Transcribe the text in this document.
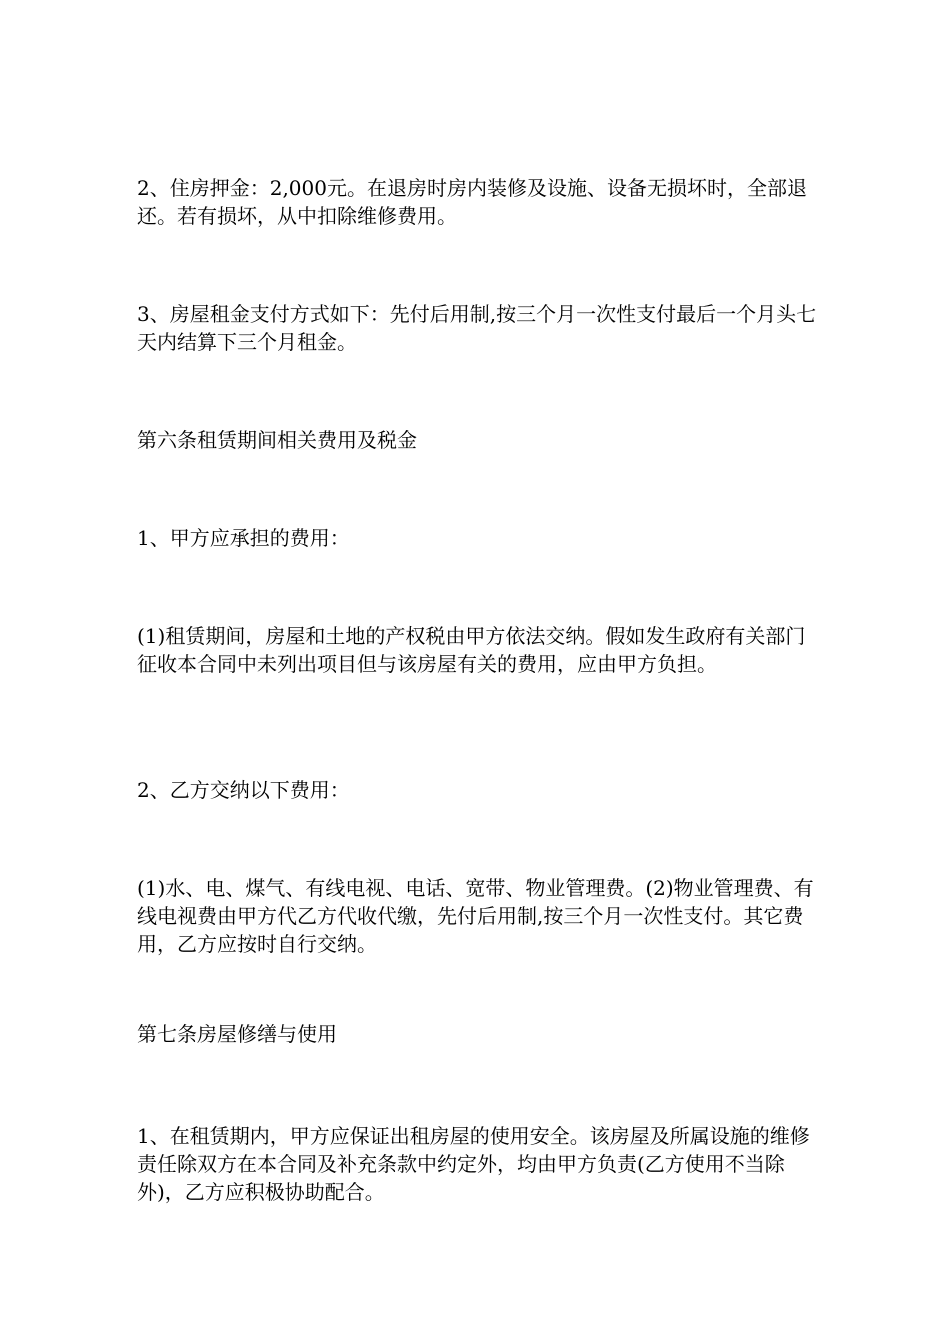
2、住房押金：2,000元。在退房时房内装修及设施、设备无损坏时，全部退还。若有损坏，从中扣除维修费用。

3、房屋租金支付方式如下：先付后用制,按三个月一次性支付最后一个月头七天内结算下三个月租金。

第六条租赁期间相关费用及税金

1、甲方应承担的费用：

(1)租赁期间，房屋和土地的产权税由甲方依法交纳。假如发生政府有关部门征收本合同中未列出项目但与该房屋有关的费用，应由甲方负担。

2、乙方交纳以下费用：

(1)水、电、煤气、有线电视、电话、宽带、物业管理费。(2)物业管理费、有线电视费由甲方代乙方代收代缴，先付后用制,按三个月一次性支付。其它费用，乙方应按时自行交纳。

第七条房屋修缮与使用

1、在租赁期内，甲方应保证出租房屋的使用安全。该房屋及所属设施的维修责任除双方在本合同及补充条款中约定外，均由甲方负责(乙方使用不当除外)，乙方应积极协助配合。
